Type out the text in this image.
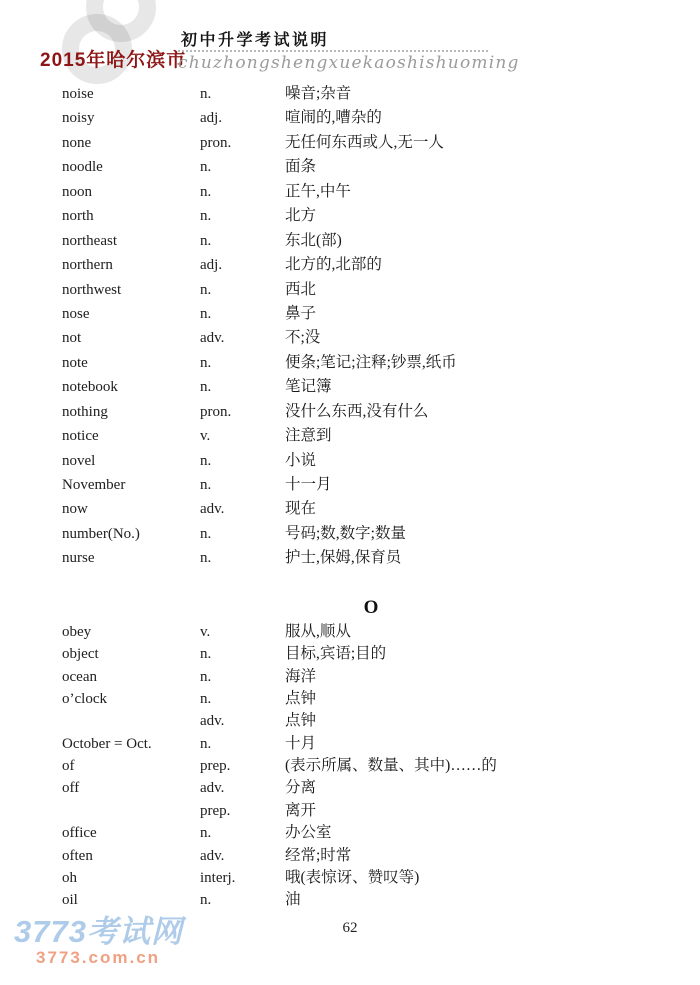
2015年哈尔滨市
初中升学考试说明
chuzhongshengxuekaoshishuoming
noise	n.	噪音;杂音
noisy	adj.	喧闹的,嘈杂的
none	pron.	无任何东西或人,无一人
noodle	n.	面条
noon	n.	正午,中午
north	n.	北方
northeast	n.	东北(部)
northern	adj.	北方的,北部的
northwest	n.	西北
nose	n.	鼻子
not	adv.	不;没
note	n.	便条;笔记;注释;钞票,纸币
notebook	n.	笔记簿
nothing	pron.	没什么东西,没有什么
notice	v.	注意到
novel	n.	小说
November	n.	十一月
now	adv.	现在
number(No.)	n.	号码;数,数字;数量
nurse	n.	护士,保姆,保育员
O
obey	v.	服从,顺从
object	n.	目标,宾语;目的
ocean	n.	海洋
o’clock	n.	点钟
adv.	点钟
October = Oct.	n.	十月
of	prep.	(表示所属、数量、其中)……的
off	adv.	分离
prep.	离开
office	n.	办公室
often	adv.	经常;时常
oh	interj.	哦(表惊讶、赞叹等)
oil	n.	油
62
3773考试网
3773.com.cn
